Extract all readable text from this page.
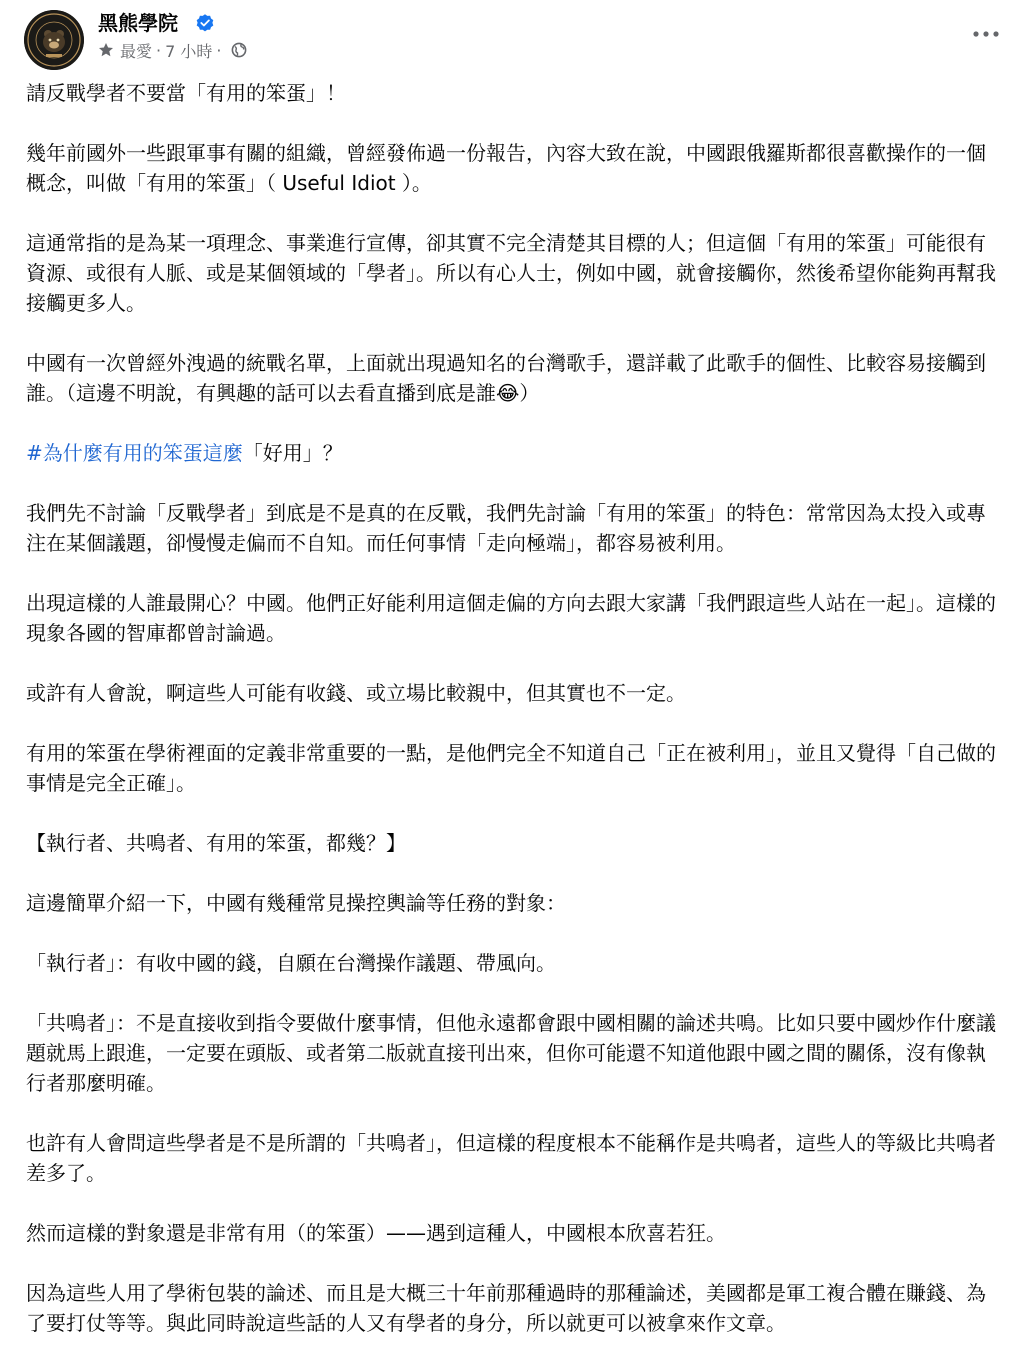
黑熊學院
最愛 · 7 小時 ·

請反戰學者不要當「有用的笨蛋」！

幾年前國外一些跟軍事有關的組織，曾經發佈過一份報告，內容大致在說，中國跟俄羅斯都很喜歡操作的一個概念，叫做「有用的笨蛋」（ Useful Idiot ）。

這通常指的是為某一項理念、事業進行宣傳，卻其實不完全清楚其目標的人；但這個「有用的笨蛋」可能很有資源、或很有人脈、或是某個領域的「學者」。所以有心人士，例如中國，就會接觸你，然後希望你能夠再幫我接觸更多人。

中國有一次曾經外洩過的統戰名單，上面就出現過知名的台灣歌手，還詳載了此歌手的個性、比較容易接觸到誰。（這邊不明說，有興趣的話可以去看直播到底是誰😂）

#為什麼有用的笨蛋這麼「好用」？

我們先不討論「反戰學者」到底是不是真的在反戰，我們先討論「有用的笨蛋」的特色：常常因為太投入或專注在某個議題，卻慢慢走偏而不自知。而任何事情「走向極端」，都容易被利用。

出現這樣的人誰最開心？中國。他們正好能利用這個走偏的方向去跟大家講「我們跟這些人站在一起」。這樣的現象各國的智庫都曾討論過。

或許有人會說，啊這些人可能有收錢、或立場比較親中，但其實也不一定。

有用的笨蛋在學術裡面的定義非常重要的一點，是他們完全不知道自己「正在被利用」，並且又覺得「自己做的事情是完全正確」。

【執行者、共鳴者、有用的笨蛋，都幾？】

這邊簡單介紹一下，中國有幾種常見操控輿論等任務的對象：

「執行者」：有收中國的錢，自願在台灣操作議題、帶風向。

「共鳴者」：不是直接收到指令要做什麼事情，但他永遠都會跟中國相關的論述共鳴。比如只要中國炒作什麼議題就馬上跟進，一定要在頭版、或者第二版就直接刊出來，但你可能還不知道他跟中國之間的關係，沒有像執行者那麼明確。

也許有人會問這些學者是不是所謂的「共鳴者」，但這樣的程度根本不能稱作是共鳴者，這些人的等級比共鳴者差多了。

然而這樣的對象還是非常有用（的笨蛋）——遇到這種人，中國根本欣喜若狂。

因為這些人用了學術包裝的論述、而且是大概三十年前那種過時的那種論述，美國都是軍工複合體在賺錢、為了要打仗等等。與此同時說這些話的人又有學者的身分，所以就更可以被拿來作文章。
